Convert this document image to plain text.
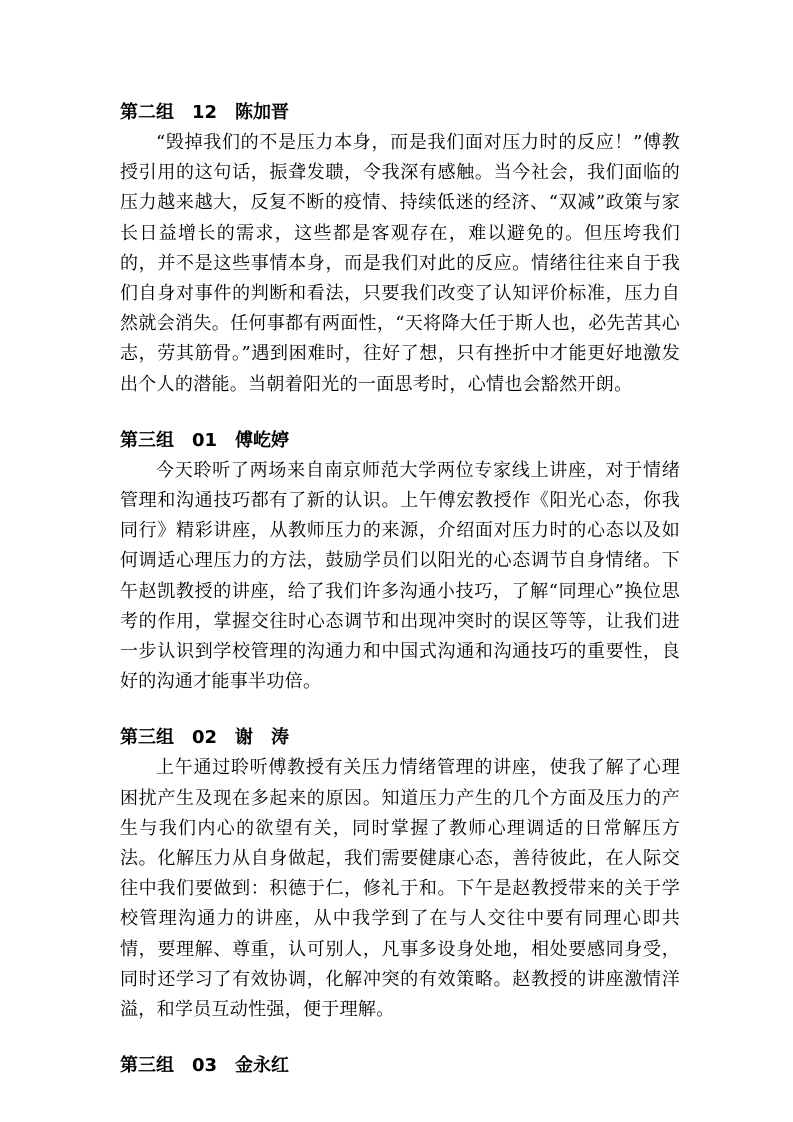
第二组　12　陈加晋

“毁掉我们的不是压力本身，而是我们面对压力时的反应！”傅教授引用的这句话，振聋发聩，令我深有感触。当今社会，我们面临的压力越来越大，反复不断的疫情、持续低迷的经济、“双减”政策与家长日益增长的需求，这些都是客观存在，难以避免的。但压垮我们的，并不是这些事情本身，而是我们对此的反应。情绪往往来自于我们自身对事件的判断和看法，只要我们改变了认知评价标准，压力自然就会消失。任何事都有两面性，“天将降大任于斯人也，必先苦其心志，劳其筋骨。”遇到困难时，往好了想，只有挫折中才能更好地激发出个人的潜能。当朝着阳光的一面思考时，心情也会豁然开朗。

第三组　01　傅屹婷

今天聆听了两场来自南京师范大学两位专家线上讲座，对于情绪管理和沟通技巧都有了新的认识。上午傅宏教授作《阳光心态，你我同行》精彩讲座，从教师压力的来源，介绍面对压力时的心态以及如何调适心理压力的方法，鼓励学员们以阳光的心态调节自身情绪。下午赵凯教授的讲座，给了我们许多沟通小技巧，了解“同理心”换位思考的作用，掌握交往时心态调节和出现冲突时的误区等等，让我们进一步认识到学校管理的沟通力和中国式沟通和沟通技巧的重要性，良好的沟通才能事半功倍。

第三组　02　谢　涛

上午通过聆听傅教授有关压力情绪管理的讲座，使我了解了心理困扰产生及现在多起来的原因。知道压力产生的几个方面及压力的产生与我们内心的欲望有关，同时掌握了教师心理调适的日常解压方法。化解压力从自身做起，我们需要健康心态，善待彼此，在人际交往中我们要做到：积德于仁，修礼于和。下午是赵教授带来的关于学校管理沟通力的讲座，从中我学到了在与人交往中要有同理心即共情，要理解、尊重，认可别人，凡事多设身处地，相处要感同身受，同时还学习了有效协调，化解冲突的有效策略。赵教授的讲座激情洋溢，和学员互动性强，便于理解。

第三组　03　金永红
